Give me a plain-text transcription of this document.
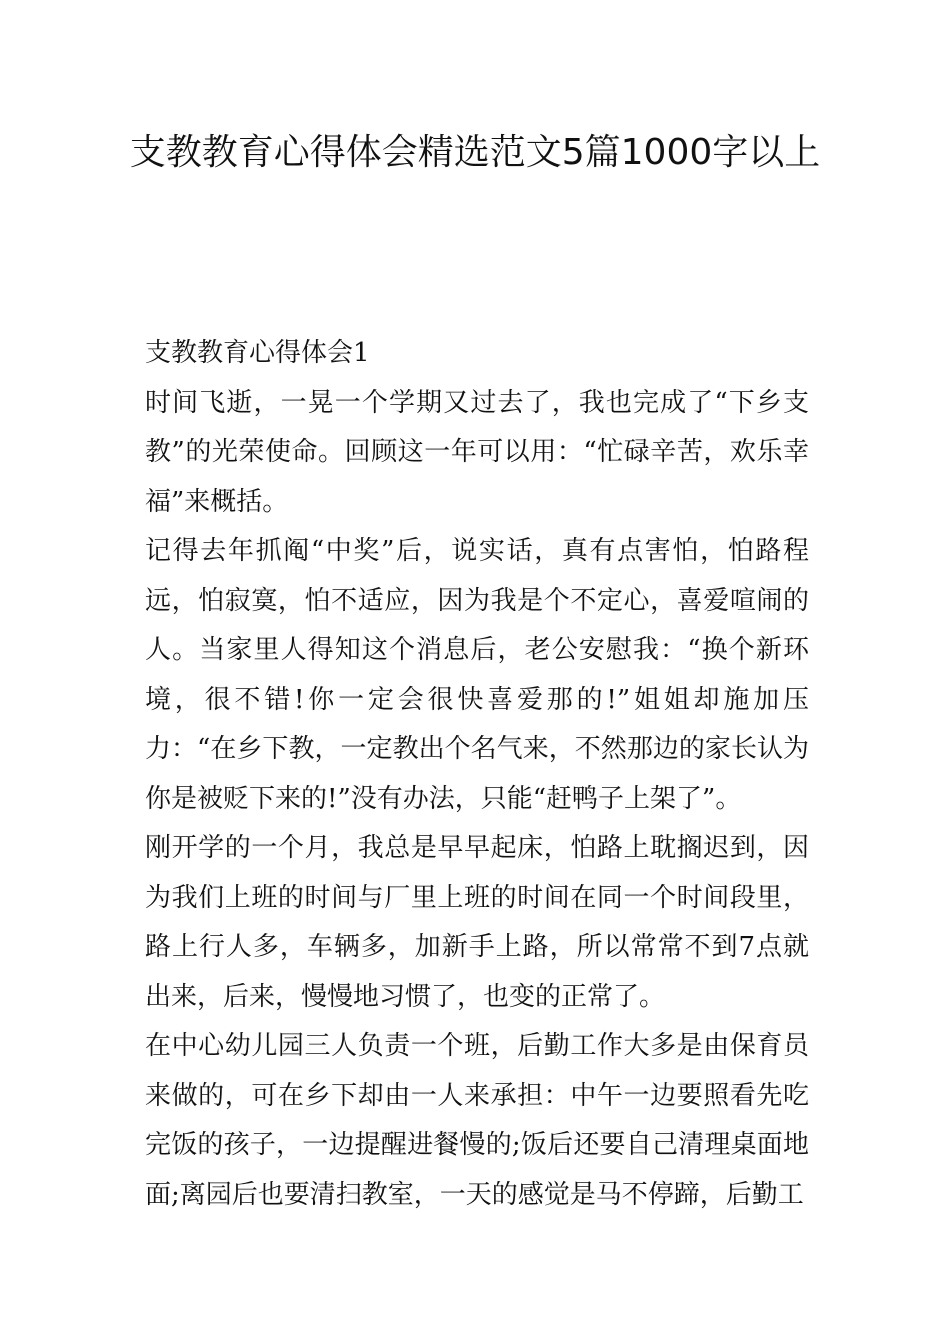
支教教育心得体会精选范文5篇1000字以上

支教教育心得体会1

时间飞逝，一晃一个学期又过去了，我也完成了“下乡支教”的光荣使命。回顾这一年可以用：“忙碌辛苦，欢乐幸福”来概括。

记得去年抓阄“中奖”后，说实话，真有点害怕，怕路程远，怕寂寞，怕不适应，因为我是个不定心，喜爱喧闹的人。当家里人得知这个消息后，老公安慰我：“换个新环境，很不错!你一定会很快喜爱那的!”姐姐却施加压力：“在乡下教，一定教出个名气来，不然那边的家长认为你是被贬下来的!”没有办法，只能“赶鸭子上架了”。

刚开学的一个月，我总是早早起床，怕路上耽搁迟到，因为我们上班的时间与厂里上班的时间在同一个时间段里，路上行人多，车辆多，加新手上路，所以常常不到7点就出来，后来，慢慢地习惯了，也变的正常了。

在中心幼儿园三人负责一个班，后勤工作大多是由保育员来做的，可在乡下却由一人来承担：中午一边要照看先吃完饭的孩子，一边提醒进餐慢的;饭后还要自己清理桌面地面;离园后也要清扫教室，一天的感觉是马不停蹄，后勤工
